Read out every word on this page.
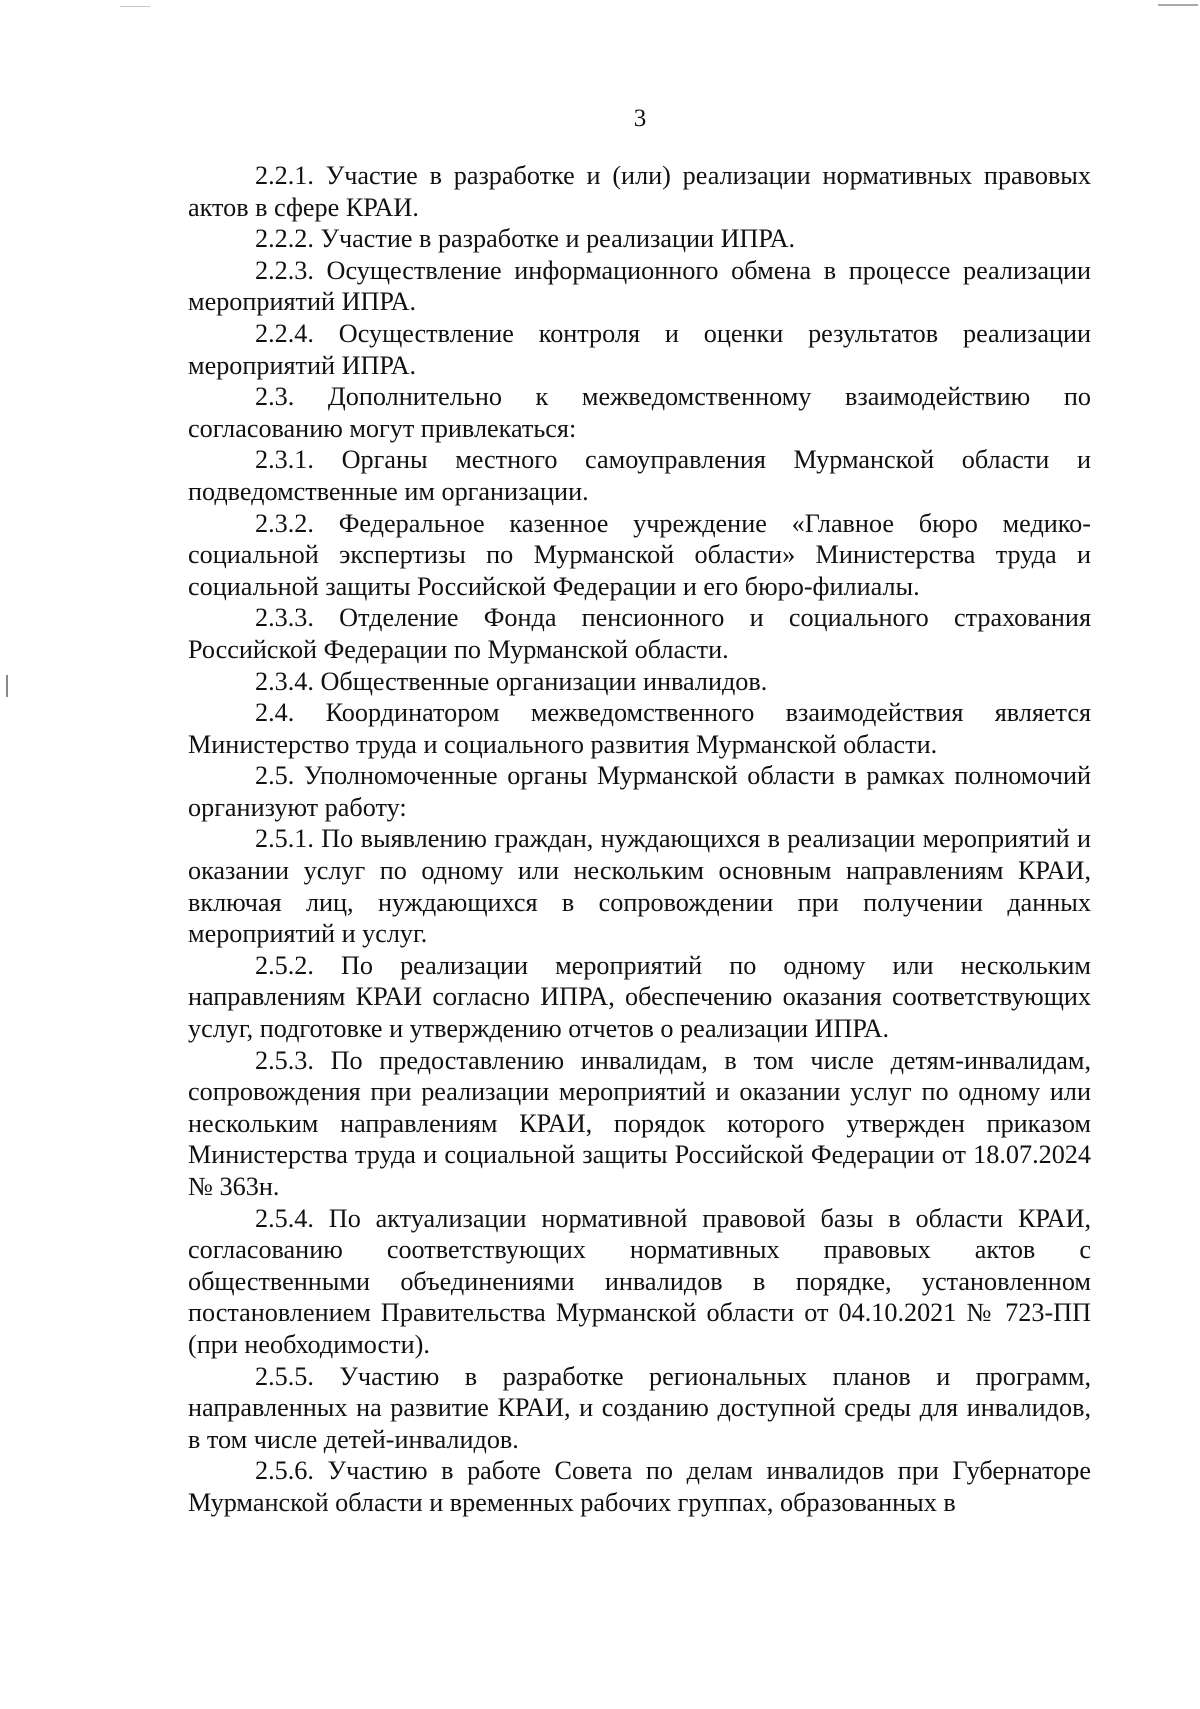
3

2.2.1. Участие в разработке и (или) реализации нормативных правовых актов в сфере КРАИ.

2.2.2. Участие в разработке и реализации ИПРА.

2.2.3. Осуществление информационного обмена в процессе реализации мероприятий ИПРА.

2.2.4. Осуществление контроля и оценки результатов реализации мероприятий ИПРА.

2.3. Дополнительно к межведомственному взаимодействию по согласованию могут привлекаться:

2.3.1. Органы местного самоуправления Мурманской области и подведомственные им организации.

2.3.2. Федеральное казенное учреждение «Главное бюро медико-социальной экспертизы по Мурманской области» Министерства труда и социальной защиты Российской Федерации и его бюро-филиалы.

2.3.3. Отделение Фонда пенсионного и социального страхования Российской Федерации по Мурманской области.

2.3.4. Общественные организации инвалидов.

2.4. Координатором межведомственного взаимодействия является Министерство труда и социального развития Мурманской области.

2.5. Уполномоченные органы Мурманской области в рамках полномочий организуют работу:

2.5.1. По выявлению граждан, нуждающихся в реализации мероприятий и оказании услуг по одному или нескольким основным направлениям КРАИ, включая лиц, нуждающихся в сопровождении при получении данных мероприятий и услуг.

2.5.2. По реализации мероприятий по одному или нескольким направлениям КРАИ согласно ИПРА, обеспечению оказания соответствующих услуг, подготовке и утверждению отчетов о реализации ИПРА.

2.5.3. По предоставлению инвалидам, в том числе детям-инвалидам, сопровождения при реализации мероприятий и оказании услуг по одному или нескольким направлениям КРАИ, порядок которого утвержден приказом Министерства труда и социальной защиты Российской Федерации от 18.07.2024 № 363н.

2.5.4. По актуализации нормативной правовой базы в области КРАИ, согласованию соответствующих нормативных правовых актов с общественными объединениями инвалидов в порядке, установленном постановлением Правительства Мурманской области от 04.10.2021 № 723-ПП (при необходимости).

2.5.5. Участию в разработке региональных планов и программ, направленных на развитие КРАИ, и созданию доступной среды для инвалидов, в том числе детей-инвалидов.

2.5.6. Участию в работе Совета по делам инвалидов при Губернаторе Мурманской области и временных рабочих группах, образованных в
